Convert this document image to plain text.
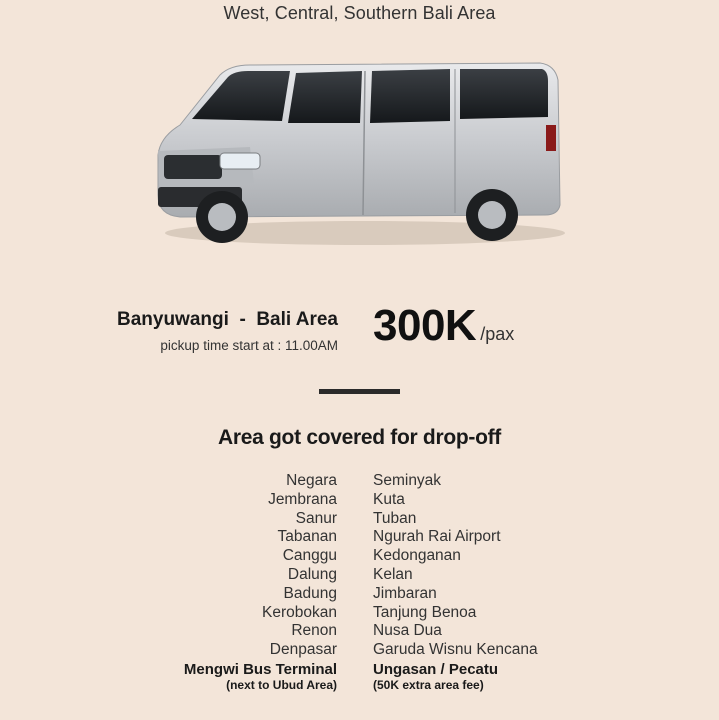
West, Central, Southern Bali Area
Banyuwangi  -  Bali Area
pickup time start at : 11.00AM 300K /pax
Area got covered for drop-off
Negara
Jembrana
Sanur
Tabanan
Canggu
Dalung
Badung
Kerobokan
Renon
Denpasar
Mengwi Bus Terminal
(next to Ubud Area)
Seminyak
Kuta
Tuban
Ngurah Rai Airport
Kedonganan
Kelan
Jimbaran
Tanjung Benoa
Nusa Dua
Garuda Wisnu Kencana
Ungasan / Pecatu
(50K extra area fee)
